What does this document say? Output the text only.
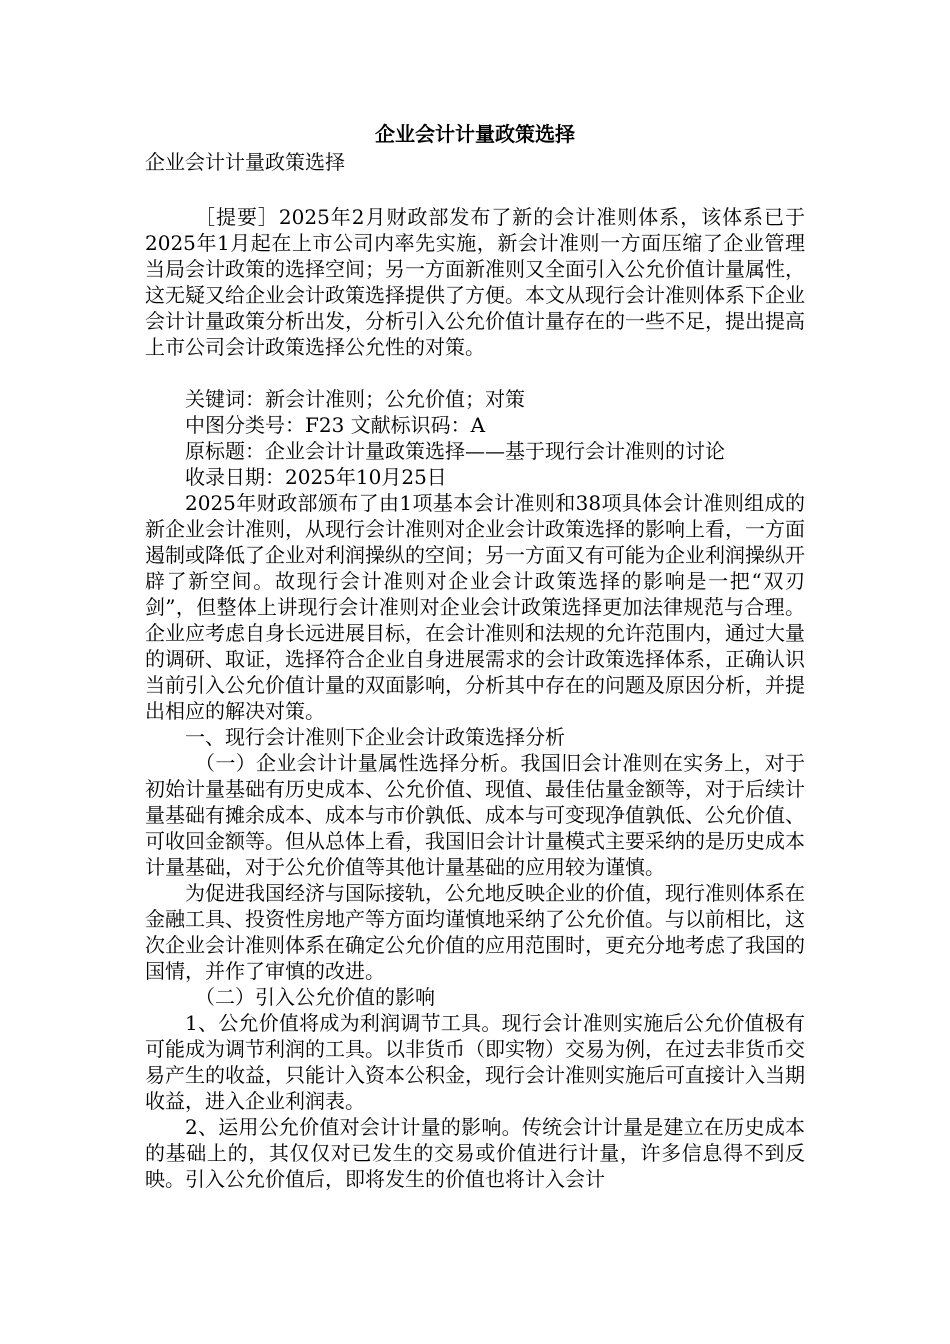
企业会计计量政策选择

企业会计计量政策选择

［提要］2025年2月财政部发布了新的会计准则体系，该体系已于2025年1月起在上市公司内率先实施，新会计准则一方面压缩了企业管理当局会计政策的选择空间；另一方面新准则又全面引入公允价值计量属性，这无疑又给企业会计政策选择提供了方便。本文从现行会计准则体系下企业会计计量政策分析出发，分析引入公允价值计量存在的一些不足，提出提高上市公司会计政策选择公允性的对策。

关键词：新会计准则；公允价值；对策

中图分类号：F23 文献标识码：A

原标题：企业会计计量政策选择——基于现行会计准则的讨论

收录日期：2025年10月25日

2025年财政部颁布了由1项基本会计准则和38项具体会计准则组成的新企业会计准则，从现行会计准则对企业会计政策选择的影响上看，一方面遏制或降低了企业对利润操纵的空间；另一方面又有可能为企业利润操纵开辟了新空间。故现行会计准则对企业会计政策选择的影响是一把“双刃剑”，但整体上讲现行会计准则对企业会计政策选择更加法律规范与合理。企业应考虑自身长远进展目标，在会计准则和法规的允许范围内，通过大量的调研、取证，选择符合企业自身进展需求的会计政策选择体系，正确认识当前引入公允价值计量的双面影响，分析其中存在的问题及原因分析，并提出相应的解决对策。

一、现行会计准则下企业会计政策选择分析

（一）企业会计计量属性选择分析。我国旧会计准则在实务上，对于初始计量基础有历史成本、公允价值、现值、最佳估量金额等，对于后续计量基础有摊余成本、成本与市价孰低、成本与可变现净值孰低、公允价值、可收回金额等。但从总体上看，我国旧会计计量模式主要采纳的是历史成本计量基础，对于公允价值等其他计量基础的应用较为谨慎。

为促进我国经济与国际接轨，公允地反映企业的价值，现行准则体系在金融工具、投资性房地产等方面均谨慎地采纳了公允价值。与以前相比，这次企业会计准则体系在确定公允价值的应用范围时，更充分地考虑了我国的国情，并作了审慎的改进。

（二）引入公允价值的影响

1、公允价值将成为利润调节工具。现行会计准则实施后公允价值极有可能成为调节利润的工具。以非货币（即实物）交易为例，在过去非货币交易产生的收益，只能计入资本公积金，现行会计准则实施后可直接计入当期收益，进入企业利润表。

2、运用公允价值对会计计量的影响。传统会计计量是建立在历史成本的基础上的，其仅仅对已发生的交易或价值进行计量，许多信息得不到反映。引入公允价值后，即将发生的价值也将计入会计
